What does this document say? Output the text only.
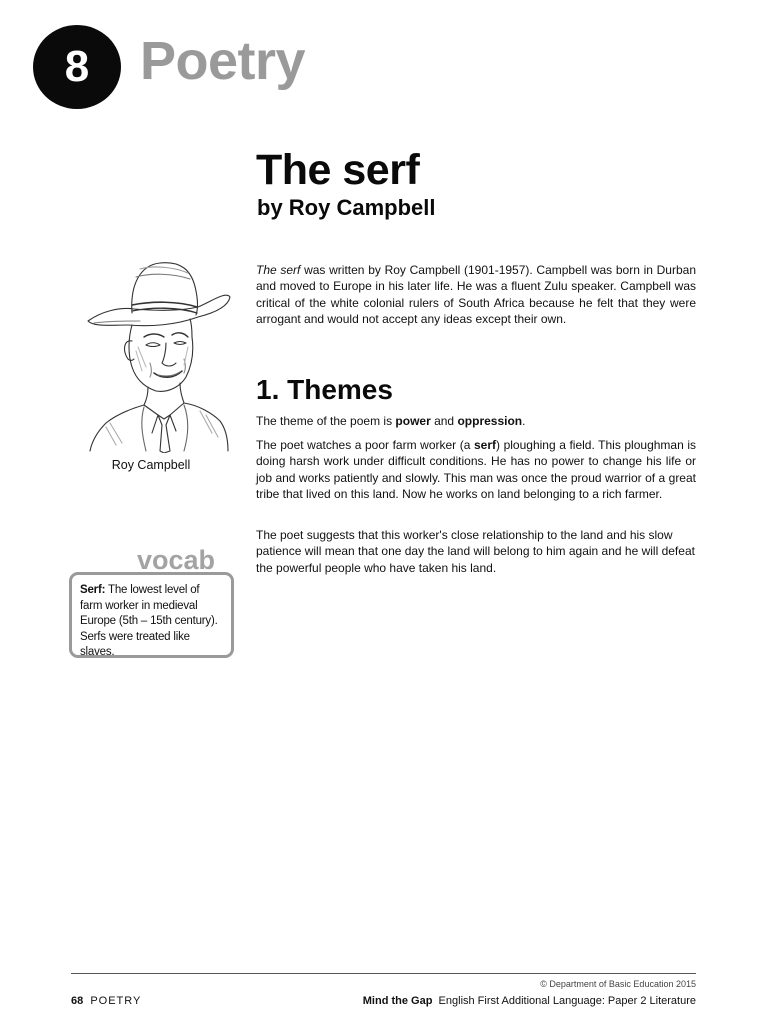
8 Poetry
The serf
by Roy Campbell
Roy Campbell

The serf was written by Roy Campbell (1901-1957). Campbell was born in Durban and moved to Europe in his later life. He was a fluent Zulu speaker. Campbell was critical of the white colonial rulers of South Africa because he felt that they were arrogant and would not accept any ideas except their own.

1. Themes

The theme of the poem is power and oppression.

The poet watches a poor farm worker (a serf) ploughing a field. This ploughman is doing harsh work under difficult conditions. He has no power to change his life or job and works patiently and slowly. This man was once the proud warrior of a great tribe that lived on this land. Now he works on land belonging to a rich farmer.

The poet suggests that this worker's close relationship to the land and his slow patience will mean that one day the land will belong to him again and he will defeat the powerful people who have taken his land.

vocab
Serf: The lowest level of farm worker in medieval Europe (5th – 15th century). Serfs were treated like slaves.
© Department of Basic Education 2015
68 POETRY	Mind the Gap English First Additional Language: Paper 2 Literature
